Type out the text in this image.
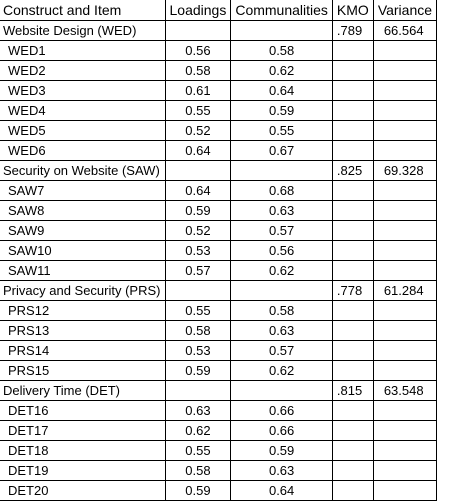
Construct and Item	Loadings	Communalities	KMO	Variance
Website Design (WED)			.789	66.564
WED1	0.56	0.58		
WED2	0.58	0.62		
WED3	0.61	0.64		
WED4	0.55	0.59		
WED5	0.52	0.55		
WED6	0.64	0.67		
Security on Website (SAW)			.825	69.328
SAW7	0.64	0.68		
SAW8	0.59	0.63		
SAW9	0.52	0.57		
SAW10	0.53	0.56		
SAW11	0.57	0.62		
Privacy and Security (PRS)			.778	61.284
PRS12	0.55	0.58		
PRS13	0.58	0.63		
PRS14	0.53	0.57		
PRS15	0.59	0.62		
Delivery Time (DET)			.815	63.548
DET16	0.63	0.66		
DET17	0.62	0.66		
DET18	0.55	0.59		
DET19	0.58	0.63		
DET20	0.59	0.64		
